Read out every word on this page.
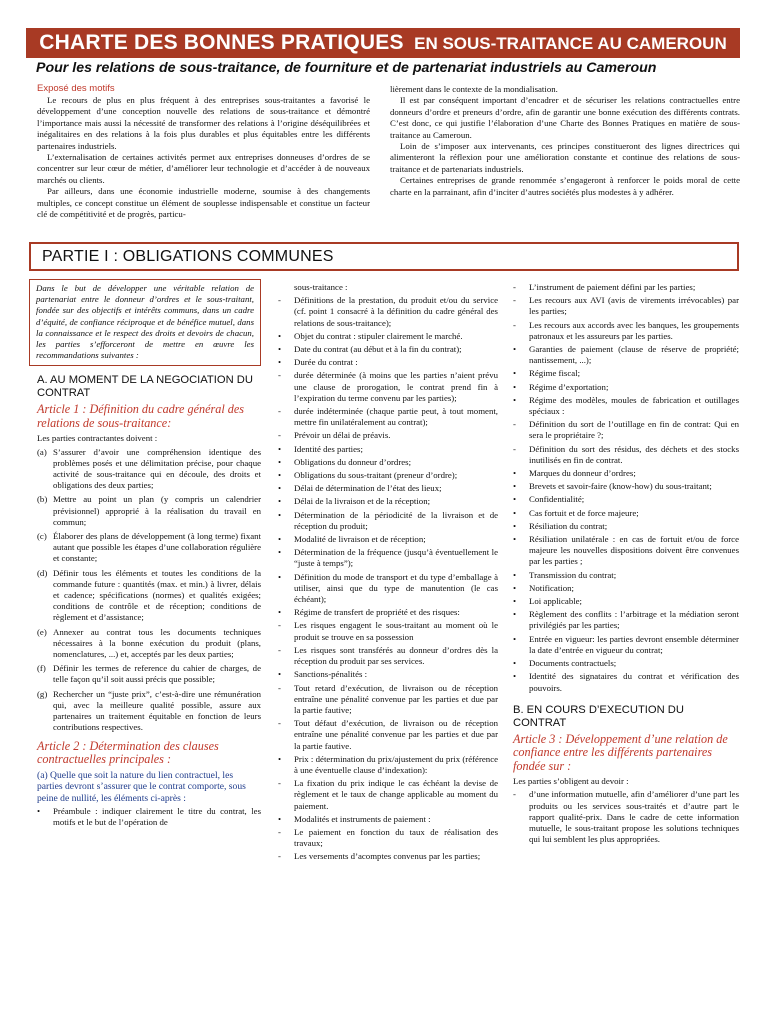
CHARTE DES BONNES PRATIQUES EN SOUS-TRAITANCE AU CAMEROUN
Pour les relations de sous-traitance, de fourniture et de partenariat industriels au Cameroun
Exposé des motifs

Le recours de plus en plus fréquent à des entreprises sous-traitantes a favorisé le développement d’une conception nouvelle des relations de sous-traitance et démontré l’importance mais aussi la nécessité de transformer des relations à l’origine déséquilibrées et inégalitaires en des relations à la fois plus durables et plus équitables entre les différents partenaires industriels.

L’externalisation de certaines activités permet aux entreprises donneuses d’ordres de se concentrer sur leur cœur de métier, d’améliorer leur technologie et d’accéder à de nouveaux marchés ou clients.

Par ailleurs, dans une économie industrielle moderne, soumise à des changements multiples, ce concept constitue un élément de souplesse indispensable et constitue un facteur clé de compétitivité et de progrès, particu-

lièrement dans le contexte de la mondialisation.

Il est par conséquent important d’encadrer et de sécuriser les relations contractuelles entre donneurs d’ordre et preneurs d’ordre, afin de garantir une bonne exécution des différents contrats. C’est donc, ce qui justifie l’élaboration d’une Charte des Bonnes Pratiques en matière de sous-traitance au Cameroun.

Loin de s’imposer aux intervenants, ces principes constitueront des lignes directrices qui alimenteront la réflexion pour une amélioration constante et continue des relations de sous-traitance et de partenariats industriels.

Certaines entreprises de grande renommée s’engageront à renforcer le poids moral de cette charte en la parrainant, afin d’inciter d’autres sociétés plus modestes à y adhérer.

PARTIE I : OBLIGATIONS COMMUNES
Dans le but de développer une véritable relation de partenariat entre le donneur d’ordres et le sous-traitant, fondée sur des objectifs et intérêts communs, dans un cadre d’équité, de confiance réciproque et de bénéfice mutuel, dans la connaissance et le respect des droits et devoirs de chacun, les parties s’efforceront de mettre en œuvre les recommandations suivantes :
A. AU MOMENT DE LA NEGOCIATION DU CONTRAT
Article 1 : Définition du cadre général des relations de sous-traitance:
Les parties contractantes doivent :
(a) S’assurer d’avoir une compréhension identique des problèmes posés et une délimitation précise, pour chaque activité de sous-traitance qui en découle, des droits et obligations des deux parties;
(b) Mettre au point un plan (y compris un calendrier prévisionnel) approprié à la réalisation du travail en commun;
(c) Élaborer des plans de développement (à long terme) fixant autant que possible les étapes d’une collaboration régulière et constante;
(d) Définir tous les éléments et toutes les conditions de la commande future : quantités (max. et min.) à livrer, délais et cadence; spécifications (normes) et qualités exigées; conditions de contrôle et de réception; conditions de règlement et d’assistance;
(e) Annexer au contrat tous les documents techniques nécessaires à la bonne exécution du produit (plans, nomenclatures, ...) et, acceptés par les deux parties;
(f) Définir les termes de reference du cahier de charges, de telle façon qu’il soit aussi précis que possible;
(g) Rechercher un “juste prix”, c’est-à-dire une rémunération qui, avec la meilleure qualité possible, assure aux partenaires un traitement équitable en fonction de leurs contributions respectives.
Article 2 : Détermination des clauses contractuelles principales :
(a) Quelle que soit la nature du lien contractuel, les parties devront s’assurer que le contrat comporte, sous peine de nullité, les éléments ci-après :
•	Préambule : indiquer clairement le titre du contrat, les motifs et le but de l’opération de
sous-traitance :
-	Définitions de la prestation, du produit et/ou du service (cf. point 1 consacré à la définition du cadre général des relations de sous-traitance);
•	Objet du contrat : stipuler clairement le marché.
•	Date du contrat (au début et à la fin du contrat);
•	Durée du contrat :
-	durée déterminée (à moins que les parties n’aient prévu une clause de prorogation, le contrat prend fin à l’expiration du terme convenu par les parties);
-	durée indéterminée (chaque partie peut, à tout moment, mettre fin unilatéralement au contrat);
-	Prévoir un délai de préavis.
•	Identité des parties;
•	Obligations du donneur d’ordres;
•	Obligations du sous-traitant (preneur d’ordre);
•	Délai de détermination de l’état des lieux;
•	Délai de la livraison et de la réception;
•	Détermination de la périodicité de la livraison et de réception du produit;
•	Modalité de livraison et de réception;
•	Détermination de la fréquence (jusqu’à éventuellement le “juste à temps”);
•	Définition du mode de transport et du type d’emballage à utiliser, ainsi que du type de manutention (le cas échéant);
•	Régime de transfert de propriété et des risques:
-	Les risques engagent le sous-traitant au moment où le produit se trouve en sa possession
-	Les risques sont transférés au donneur d’ordres dès la réception du produit par ses services.
•	Sanctions-pénalités :
-	Tout retard d’exécution, de livraison ou de réception entraîne une pénalité convenue par les parties et due par la partie fautive;
-	Tout défaut d’exécution, de livraison ou de réception entraîne une pénalité convenue par les parties et due par la partie fautive.
•	Prix : détermination du prix/ajustement du prix (référence à une éventuelle clause d’indexation):
-	La fixation du prix indique le cas échéant la devise de règlement et le taux de change applicable au moment du paiement.
•	Modalités et instruments de paiement :
-	Le paiement en fonction du taux de réalisation des travaux;
-	Les versements d’acomptes convenus par les parties;
-	L’instrument de paiement défini par les parties;
-	Les recours aux AVI (avis de virements irrévocables) par les parties;
-	Les recours aux accords avec les banques, les groupements patronaux et les assureurs par les parties.
•	Garanties de paiement (clause de réserve de propriété; nantissement, ...);
•	Régime fiscal;
•	Régime d’exportation;
•	Régime des modèles, moules de fabrication et outillages spéciaux :
-	Définition du sort de l’outillage en fin de contrat: Qui en sera le propriétaire ?;
-	Définition du sort des résidus, des déchets et des stocks inutilisés en fin de contrat.
•	Marques du donneur d’ordres;
•	Brevets et savoir-faire (know-how) du sous-traitant;
•	Confidentialité;
•	Cas fortuit et de force majeure;
•	Résiliation du contrat;
•	Résiliation unilatérale : en cas de fortuit et/ou de force majeure les nouvelles dispositions doivent être convenues par les parties ;
•	Transmission du contrat;
•	Notification;
•	Loi applicable;
•	Règlement des conflits : l’arbitrage et la médiation seront privilégiés par les parties;
•	Entrée en vigueur: les parties devront ensemble déterminer la date d’entrée en vigueur du contrat;
•	Documents contractuels;
•	Identité des signataires du contrat et vérification des pouvoirs.
B. EN COURS D’EXECUTION DU CONTRAT
Article 3 : Développement d’une relation de confiance entre les différents partenaires fondée sur :
Les parties s’obligent au devoir :
-	d’une information mutuelle, afin d’améliorer d’une part les produits ou les services sous-traités et d’autre part le rapport qualité-prix. Dans le cadre de cette information mutuelle, le sous-traitant propose les solutions techniques qui lui semblent les plus appropriées.
